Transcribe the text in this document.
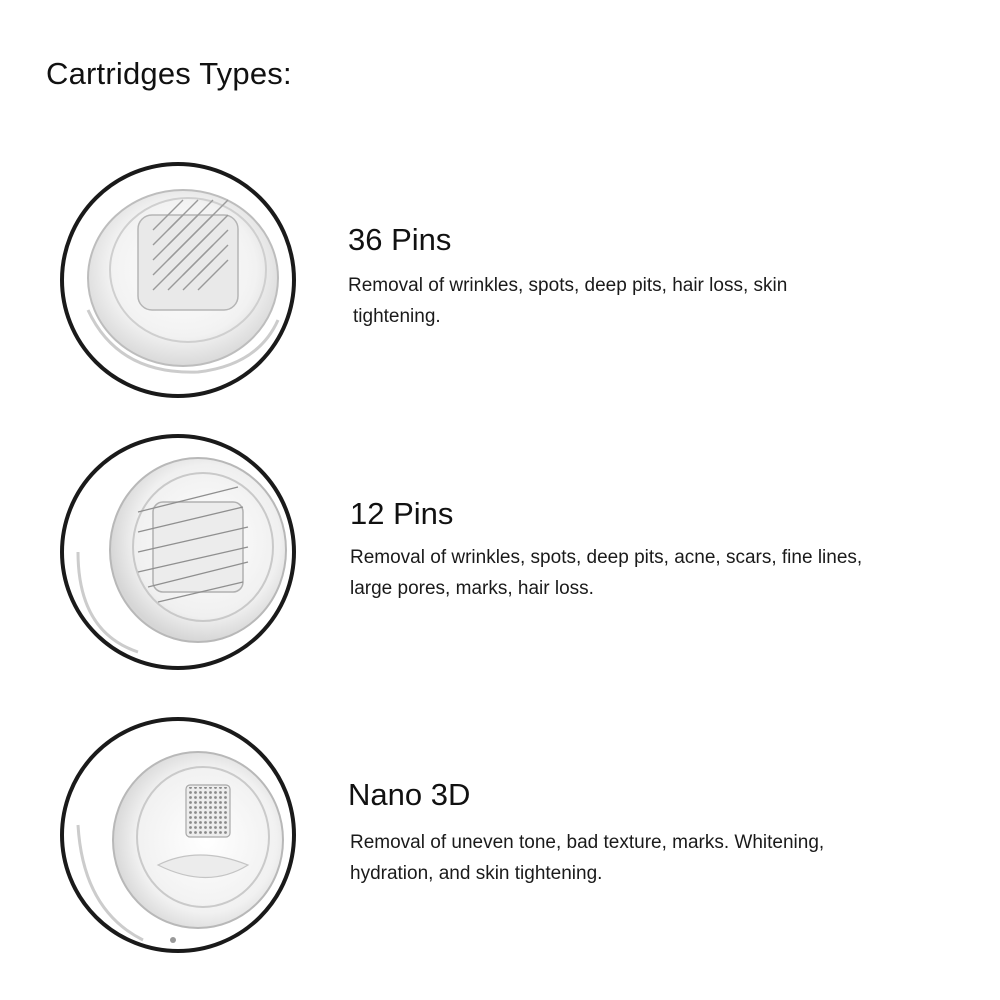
Cartridges Types:
36 Pins

Removal of wrinkles, spots, deep pits, hair loss, skin

tightening.

12 Pins

Removal of wrinkles, spots, deep pits, acne, scars, fine lines,

large pores, marks, hair loss.

Nano 3D

Removal of uneven tone, bad texture, marks. Whitening,

hydration, and skin tightening.
